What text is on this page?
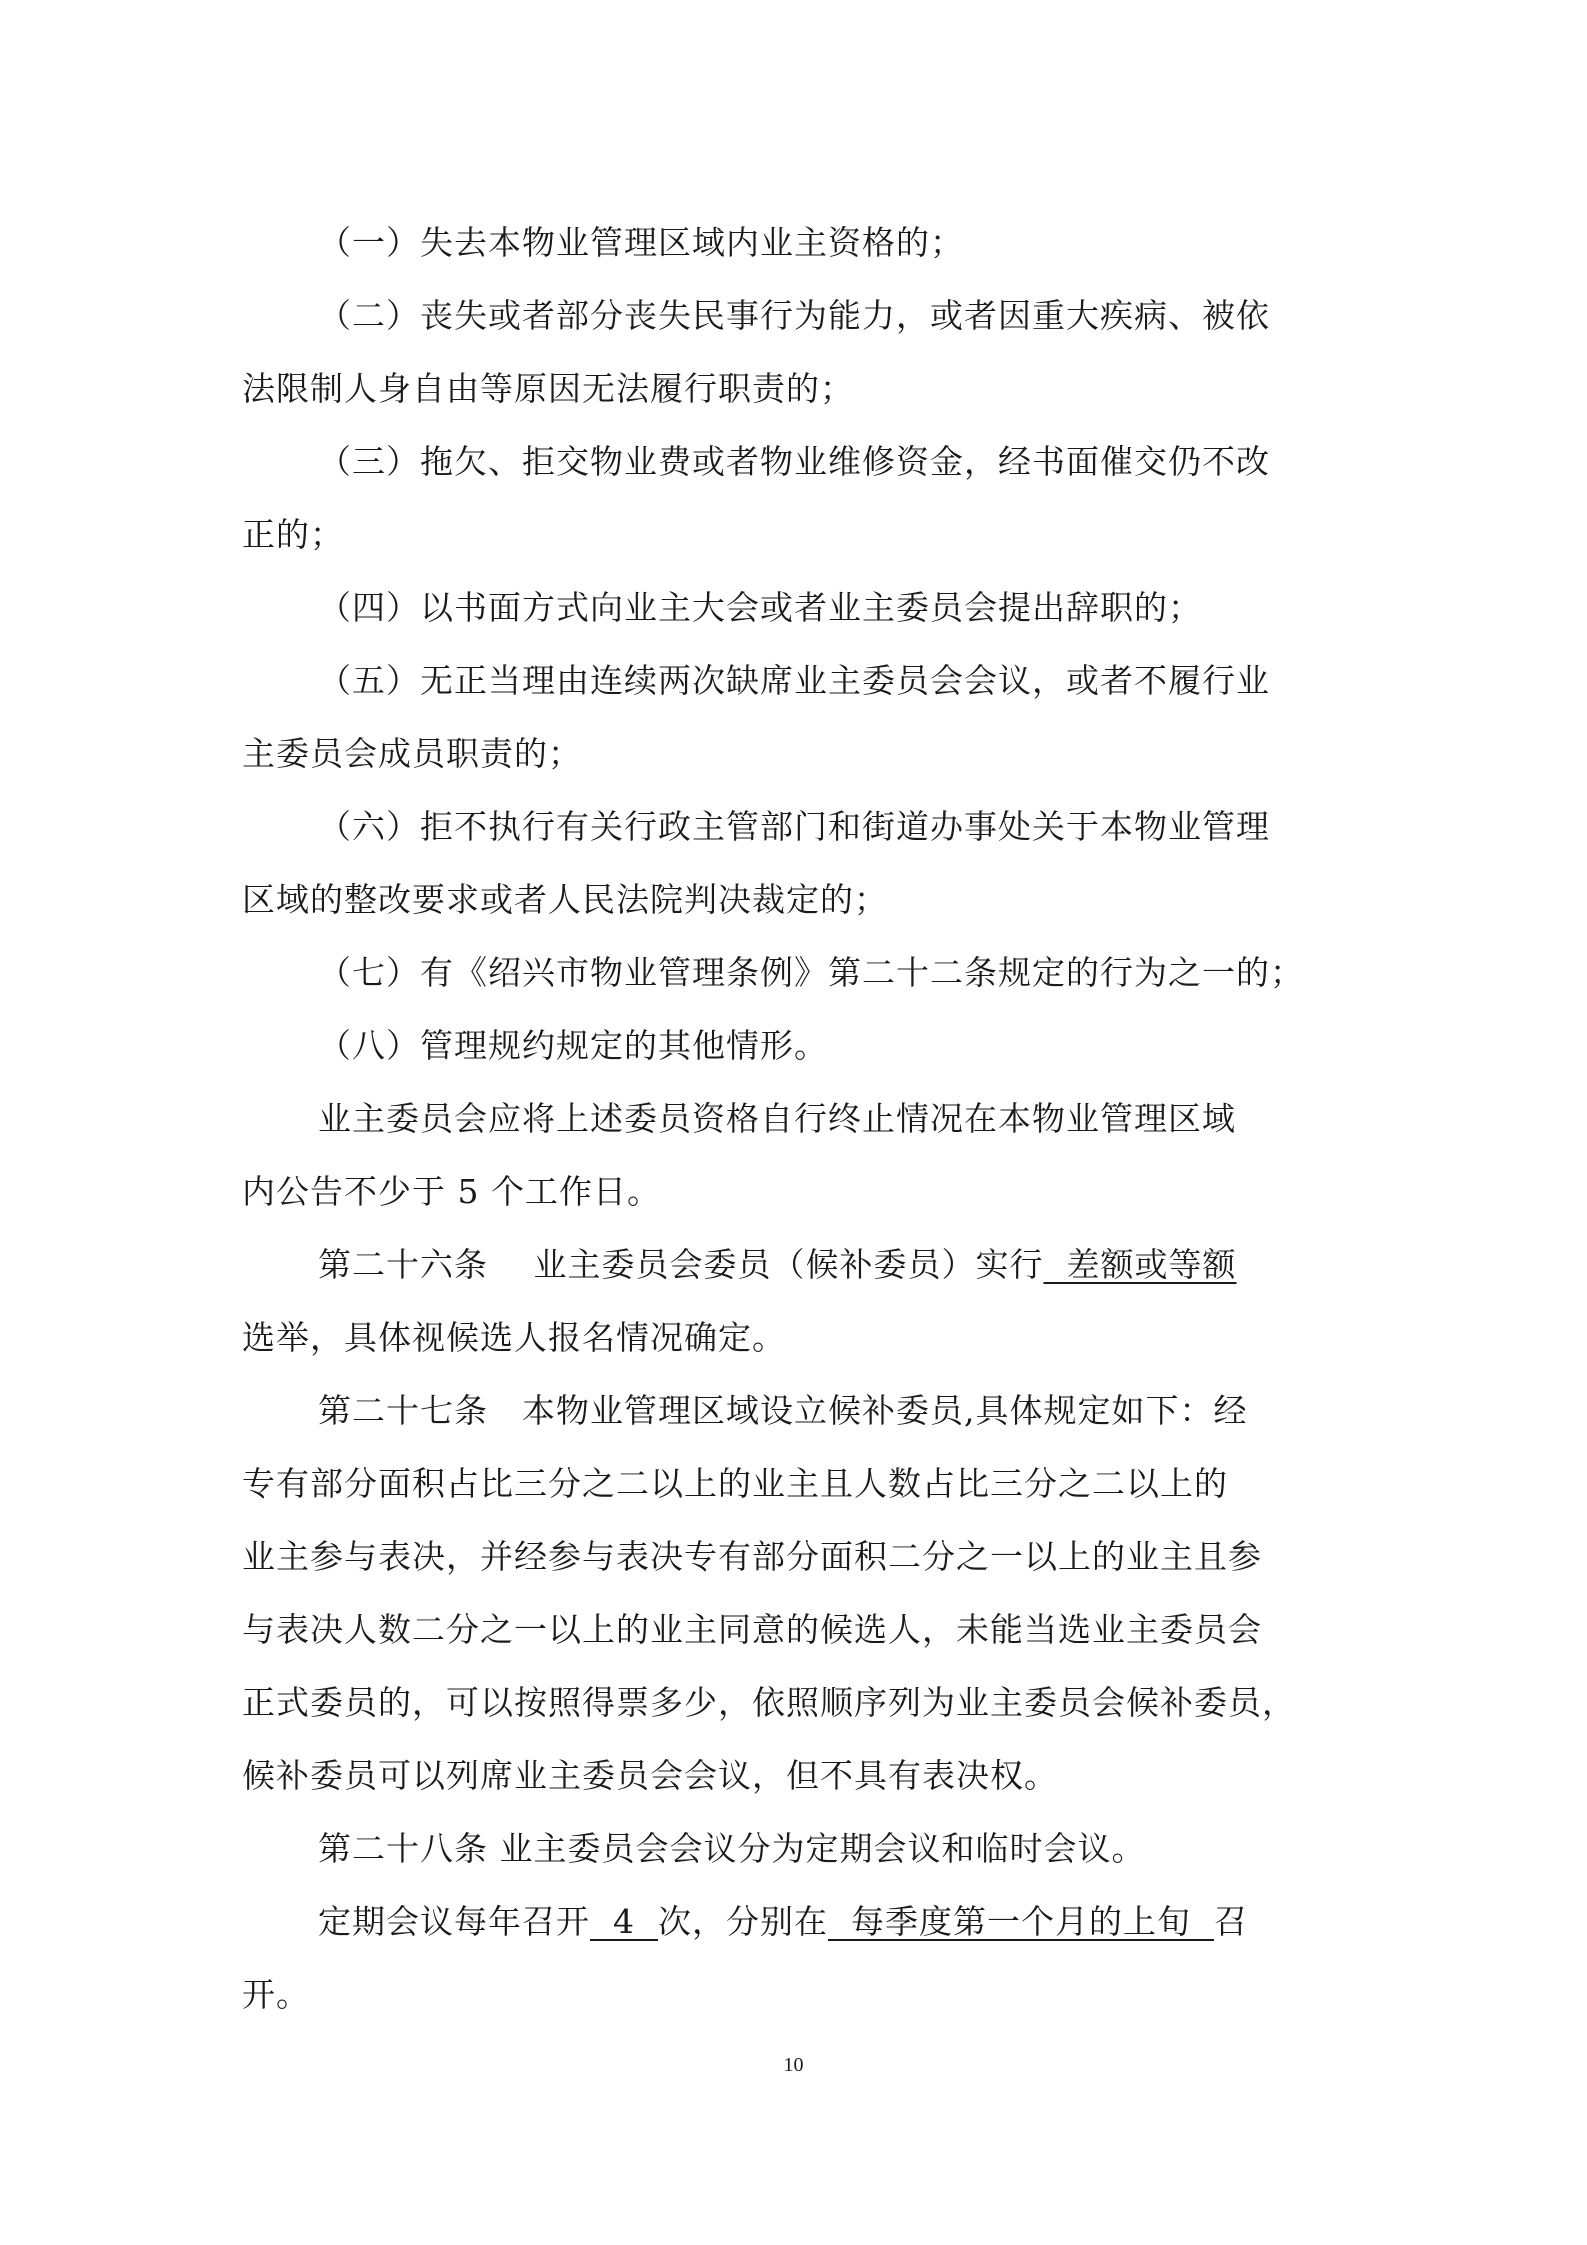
（一）失去本物业管理区域内业主资格的；
（二）丧失或者部分丧失民事行为能力，或者因重大疾病、被依
法限制人身自由等原因无法履行职责的；
（三）拖欠、拒交物业费或者物业维修资金，经书面催交仍不改
正的；
（四）以书面方式向业主大会或者业主委员会提出辞职的；
（五）无正当理由连续两次缺席业主委员会会议，或者不履行业
主委员会成员职责的；
（六）拒不执行有关行政主管部门和街道办事处关于本物业管理
区域的整改要求或者人民法院判决裁定的；
（七）有《绍兴市物业管理条例》第二十二条规定的行为之一的；
（八）管理规约规定的其他情形。
业主委员会应将上述委员资格自行终止情况在本物业管理区域
内公告不少于 5 个工作日。
第二十六条　 业主委员会委员（候补委员）实行  差额或等额
选举，具体视候选人报名情况确定。
第二十七条　本物业管理区域设立候补委员,具体规定如下：经
专有部分面积占比三分之二以上的业主且人数占比三分之二以上的
业主参与表决，并经参与表决专有部分面积二分之一以上的业主且参
与表决人数二分之一以上的业主同意的候选人，未能当选业主委员会
正式委员的，可以按照得票多少，依照顺序列为业主委员会候补委员，
候补委员可以列席业主委员会会议，但不具有表决权。
第二十八条 业主委员会会议分为定期会议和临时会议。
定期会议每年召开  4  次，分别在  每季度第一个月的上旬  召
开。
10
